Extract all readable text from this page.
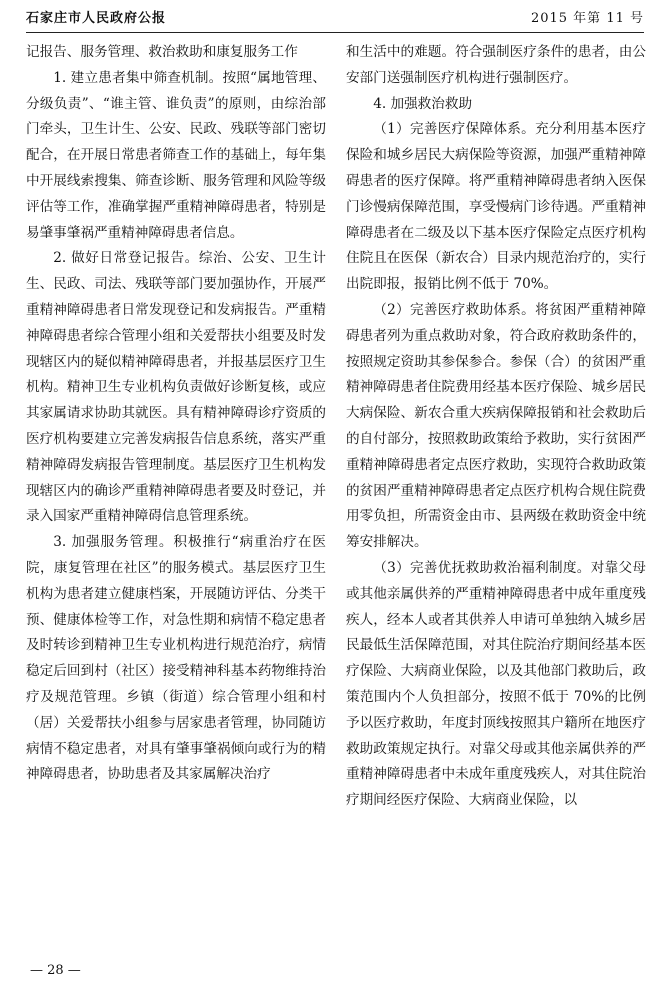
石家庄市人民政府公报	2015 年第 11 号

记报告、服务管理、救治救助和康复服务工作

1. 建立患者集中筛查机制。按照“属地管理、分级负责”、“谁主管、谁负责”的原则，由综治部门牵头，卫生计生、公安、民政、残联等部门密切配合，在开展日常患者筛查工作的基础上，每年集中开展线索搜集、筛查诊断、服务管理和风险等级评估等工作，准确掌握严重精神障碍患者，特别是易肇事肇祸严重精神障碍患者信息。

2. 做好日常登记报告。综治、公安、卫生计生、民政、司法、残联等部门要加强协作，开展严重精神障碍患者日常发现登记和发病报告。严重精神障碍患者综合管理小组和关爱帮扶小组要及时发现辖区内的疑似精神障碍患者，并报基层医疗卫生机构。精神卫生专业机构负责做好诊断复核，或应其家属请求协助其就医。具有精神障碍诊疗资质的医疗机构要建立完善发病报告信息系统，落实严重精神障碍发病报告管理制度。基层医疗卫生机构发现辖区内的确诊严重精神障碍患者要及时登记，并录入国家严重精神障碍信息管理系统。

3. 加强服务管理。积极推行“病重治疗在医院，康复管理在社区”的服务模式。基层医疗卫生机构为患者建立健康档案，开展随访评估、分类干预、健康体检等工作，对急性期和病情不稳定患者及时转诊到精神卫生专业机构进行规范治疗，病情稳定后回到村（社区）接受精神科基本药物维持治疗及规范管理。乡镇（街道）综合管理小组和村（居）关爱帮扶小组参与居家患者管理，协同随访病情不稳定患者，对具有肇事肇祸倾向或行为的精神障碍患者，协助患者及其家属解决治疗

和生活中的难题。符合强制医疗条件的患者，由公安部门送强制医疗机构进行强制医疗。

4. 加强救治救助

（1）完善医疗保障体系。充分利用基本医疗保险和城乡居民大病保险等资源，加强严重精神障碍患者的医疗保障。将严重精神障碍患者纳入医保门诊慢病保障范围，享受慢病门诊待遇。严重精神障碍患者在二级及以下基本医疗保险定点医疗机构住院且在医保（新农合）目录内规范治疗的，实行出院即报，报销比例不低于 70%。

（2）完善医疗救助体系。将贫困严重精神障碍患者列为重点救助对象，符合政府救助条件的，按照规定资助其参保参合。参保（合）的贫困严重精神障碍患者住院费用经基本医疗保险、城乡居民大病保险、新农合重大疾病保障报销和社会救助后的自付部分，按照救助政策给予救助，实行贫困严重精神障碍患者定点医疗救助，实现符合救助政策的贫困严重精神障碍患者定点医疗机构合规住院费用零负担，所需资金由市、县两级在救助资金中统筹安排解决。

（3）完善优抚救助救治福利制度。对靠父母或其他亲属供养的严重精神障碍患者中成年重度残疾人，经本人或者其供养人申请可单独纳入城乡居民最低生活保障范围，对其住院治疗期间经基本医疗保险、大病商业保险，以及其他部门救助后，政策范围内个人负担部分，按照不低于 70%的比例予以医疗救助，年度封顶线按照其户籍所在地医疗救助政策规定执行。对靠父母或其他亲属供养的严重精神障碍患者中未成年重度残疾人，对其住院治疗期间经医疗保险、大病商业保险，以

— 28 —
